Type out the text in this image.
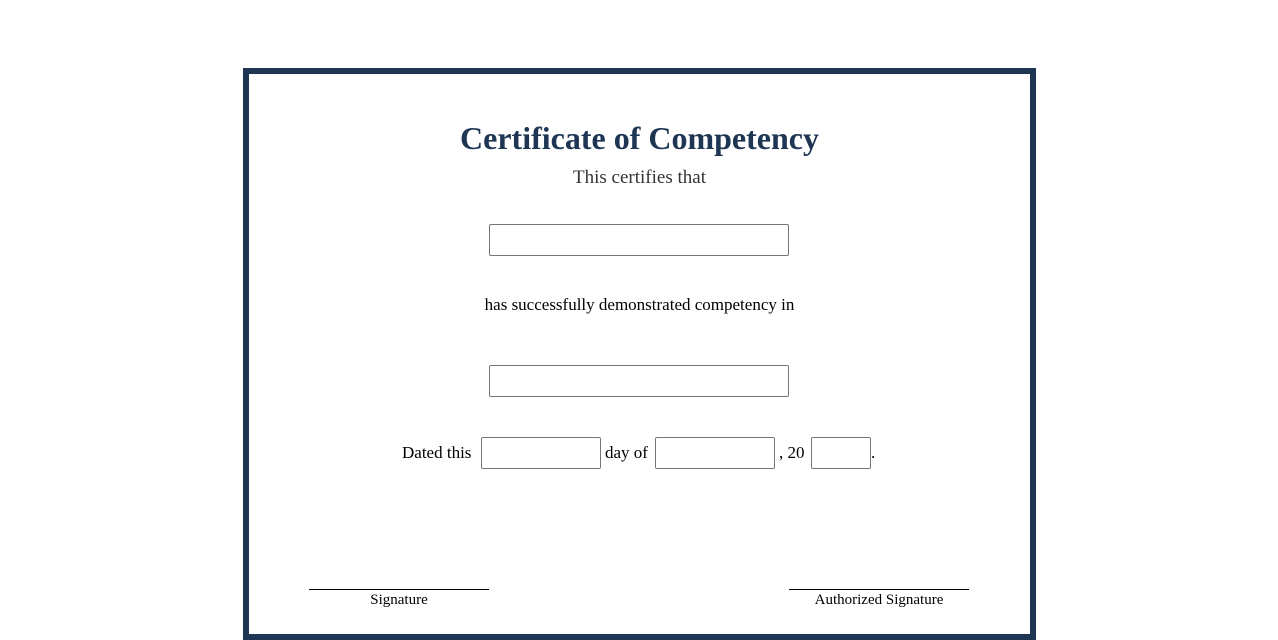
Certificate of Competency
This certifies that
has successfully demonstrated competency in
Dated this	day of	, 20	.
Signature	Authorized Signature
